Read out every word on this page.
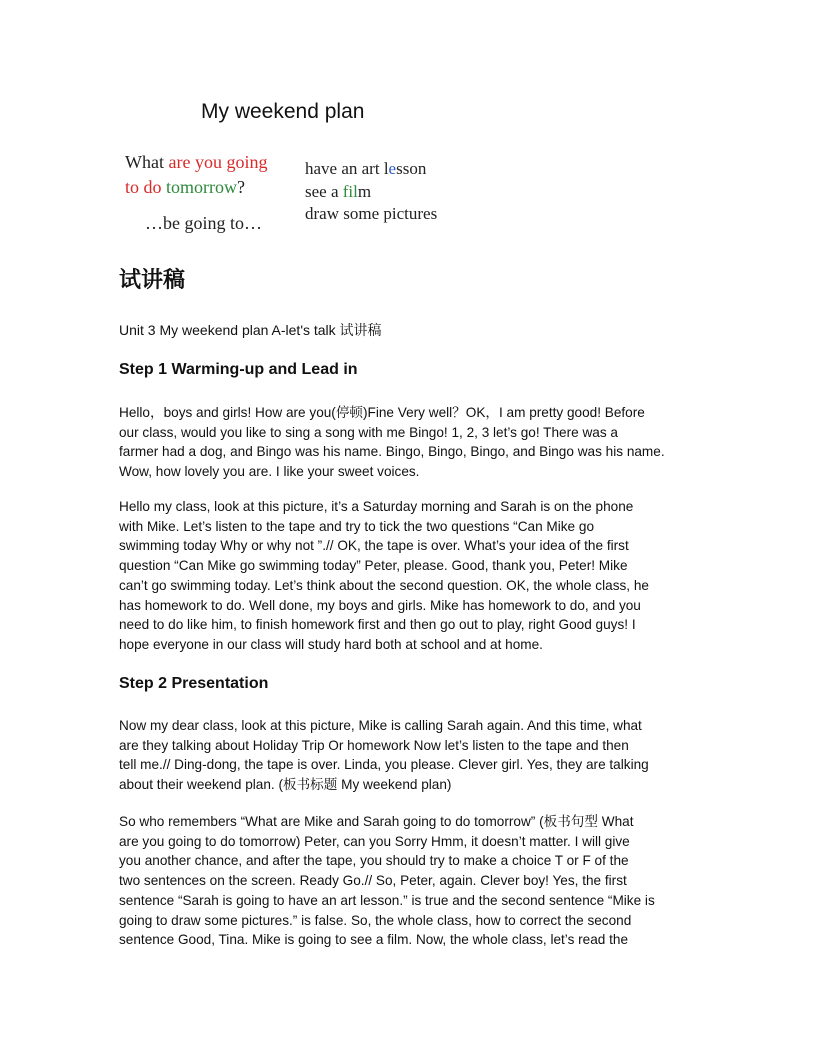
My weekend plan
What are you going
to do tomorrow?
…be going to…
have an art lesson
see a film
draw some pictures
试讲稿
Unit 3 My weekend plan A-let's talk 试讲稿
Step 1 Warming-up and Lead in

Hello，boys and girls! How are you(停顿)Fine Very well？OK，I am pretty good! Before
our class, would you like to sing a song with me Bingo! 1, 2, 3 let’s go! There was a
farmer had a dog, and Bingo was his name. Bingo, Bingo, Bingo, and Bingo was his name.
Wow, how lovely you are. I like your sweet voices.

Hello my class, look at this picture, it’s a Saturday morning and Sarah is on the phone
with Mike. Let’s listen to the tape and try to tick the two questions “Can Mike go
swimming today Why or why not ”.// OK, the tape is over. What’s your idea of the first
question “Can Mike go swimming today” Peter, please. Good, thank you, Peter! Mike
can’t go swimming today. Let’s think about the second question. OK, the whole class, he
has homework to do. Well done, my boys and girls. Mike has homework to do, and you
need to do like him, to finish homework first and then go out to play, right Good guys! I
hope everyone in our class will study hard both at school and at home.

Step 2 Presentation

Now my dear class, look at this picture, Mike is calling Sarah again. And this time, what
are they talking about Holiday Trip Or homework Now let’s listen to the tape and then
tell me.// Ding-dong, the tape is over. Linda, you please. Clever girl. Yes, they are talking
about their weekend plan. (板书标题 My weekend plan)

So who remembers “What are Mike and Sarah going to do tomorrow” (板书句型 What
are you going to do tomorrow) Peter, can you Sorry Hmm, it doesn’t matter. I will give
you another chance, and after the tape, you should try to make a choice T or F of the
two sentences on the screen. Ready Go.// So, Peter, again. Clever boy! Yes, the first
sentence “Sarah is going to have an art lesson.” is true and the second sentence “Mike is
going to draw some pictures.” is false. So, the whole class, how to correct the second
sentence Good, Tina. Mike is going to see a film. Now, the whole class, let’s read the
